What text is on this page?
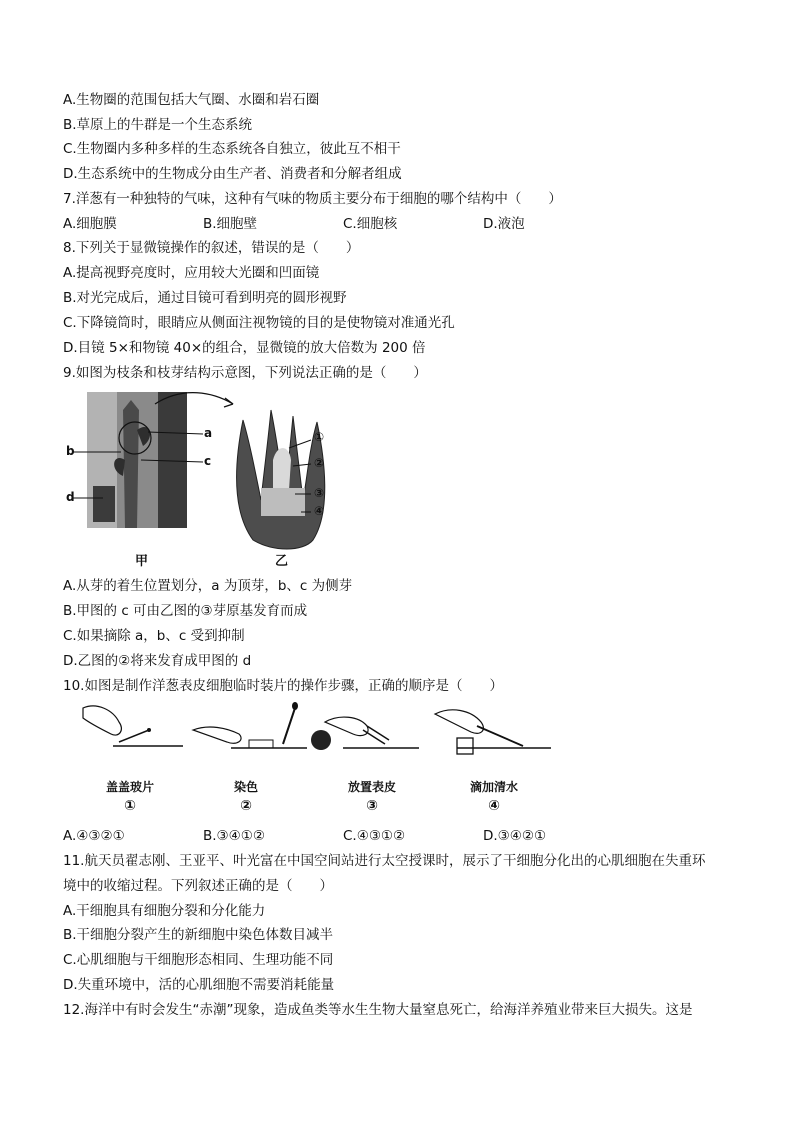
A.生物圈的范围包括大气圈、水圈和岩石圈
B.草原上的牛群是一个生态系统
C.生物圈内多种多样的生态系统各自独立，彼此互不相干
D.生态系统中的生物成分由生产者、消费者和分解者组成
7.洋葱有一种独特的气味，这种有气味的物质主要分布于细胞的哪个结构中（　　）
A.细胞膜	B.细胞壁	C.细胞核	D.液泡
8.下列关于显微镜操作的叙述，错误的是（　　）
A.提高视野亮度时，应用较大光圈和凹面镜
B.对光完成后，通过目镜可看到明亮的圆形视野
C.下降镜筒时，眼睛应从侧面注视物镜的目的是使物镜对准通光孔
D.目镜 5×和物镜 40×的组合，显微镜的放大倍数为 200 倍
9.如图为枝条和枝芽结构示意图，下列说法正确的是（　　）
a
b
c
d
①
②
③
④
甲	乙
A.从芽的着生位置划分，a 为顶芽，b、c 为侧芽
B.甲图的 c 可由乙图的③芽原基发育而成
C.如果摘除 a，b、c 受到抑制
D.乙图的②将来发育成甲图的 d
10.如图是制作洋葱表皮细胞临时装片的操作步骤，正确的顺序是（　　）
盖盖玻片	染色	放置表皮	滴加清水
①	②	③	④
A.④③②①	B.③④①②	C.④③①②	D.③④②①
11.航天员翟志刚、王亚平、叶光富在中国空间站进行太空授课时，展示了干细胞分化出的心肌细胞在失重环
境中的收缩过程。下列叙述正确的是（　　）
A.干细胞具有细胞分裂和分化能力
B.干细胞分裂产生的新细胞中染色体数目减半
C.心肌细胞与干细胞形态相同、生理功能不同
D.失重环境中，活的心肌细胞不需要消耗能量
12.海洋中有时会发生“赤潮”现象，造成鱼类等水生生物大量窒息死亡，给海洋养殖业带来巨大损失。这是
